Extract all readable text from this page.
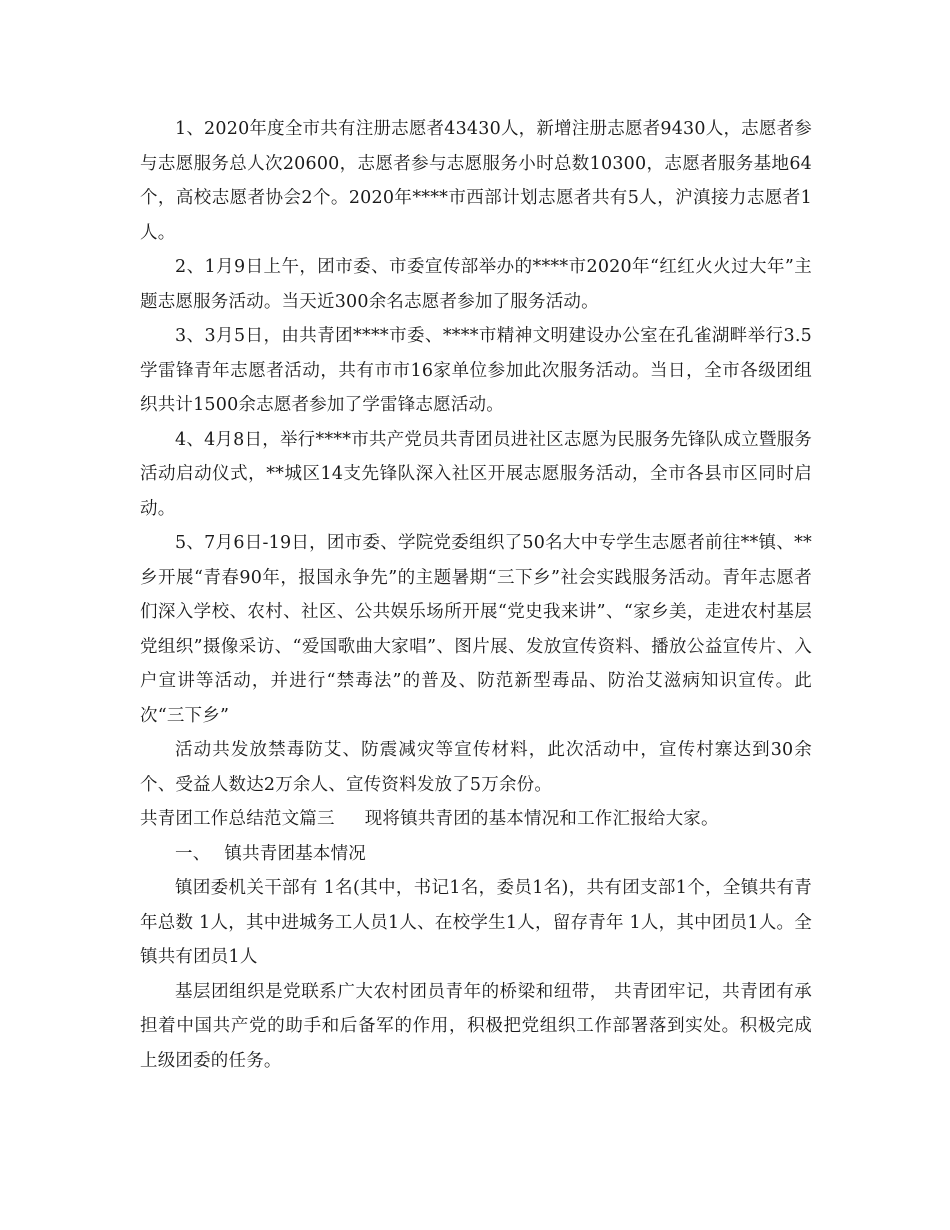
1、2020年度全市共有注册志愿者43430人，新增注册志愿者9430人，志愿者参与志愿服务总人次20600，志愿者参与志愿服务小时总数10300，志愿者服务基地64个，高校志愿者协会2个。2020年****市西部计划志愿者共有5人，沪滇接力志愿者1人。

2、1月9日上午，团市委、市委宣传部举办的****市2020年“红红火火过大年”主题志愿服务活动。当天近300余名志愿者参加了服务活动。

3、3月5日，由共青团****市委、****市精神文明建设办公室在孔雀湖畔举行3.5学雷锋青年志愿者活动，共有市市16家单位参加此次服务活动。当日，全市各级团组织共计1500余志愿者参加了学雷锋志愿活动。

4、4月8日，举行****市共产党员共青团员进社区志愿为民服务先锋队成立暨服务活动启动仪式，**城区14支先锋队深入社区开展志愿服务活动，全市各县市区同时启动。

5、7月6日-19日，团市委、学院党委组织了50名大中专学生志愿者前往**镇、**乡开展“青春90年，报国永争先”的主题暑期“三下乡”社会实践服务活动。青年志愿者们深入学校、农村、社区、公共娱乐场所开展“党史我来讲”、“家乡美，走进农村基层党组织”摄像采访、“爱国歌曲大家唱”、图片展、发放宣传资料、播放公益宣传片、入户宣讲等活动，并进行“禁毒法”的普及、防范新型毒品、防治艾滋病知识宣传。此次“三下乡”

活动共发放禁毒防艾、防震减灾等宣传材料，此次活动中，宣传村寨达到30余个、受益人数达2万余人、宣传资料发放了5万余份。

共青团工作总结范文篇三 现将镇共青团的基本情况和工作汇报给大家。

一、 镇共青团基本情况

镇团委机关干部有 1名(其中，书记1名，委员1名)，共有团支部1个，全镇共有青年总数 1人，其中进城务工人员1人、在校学生1人，留存青年 1人，其中团员1人。全镇共有团员1人

基层团组织是党联系广大农村团员青年的桥梁和纽带， 共青团牢记，共青团有承担着中国共产党的助手和后备军的作用，积极把党组织工作部署落到实处。积极完成上级团委的任务。
